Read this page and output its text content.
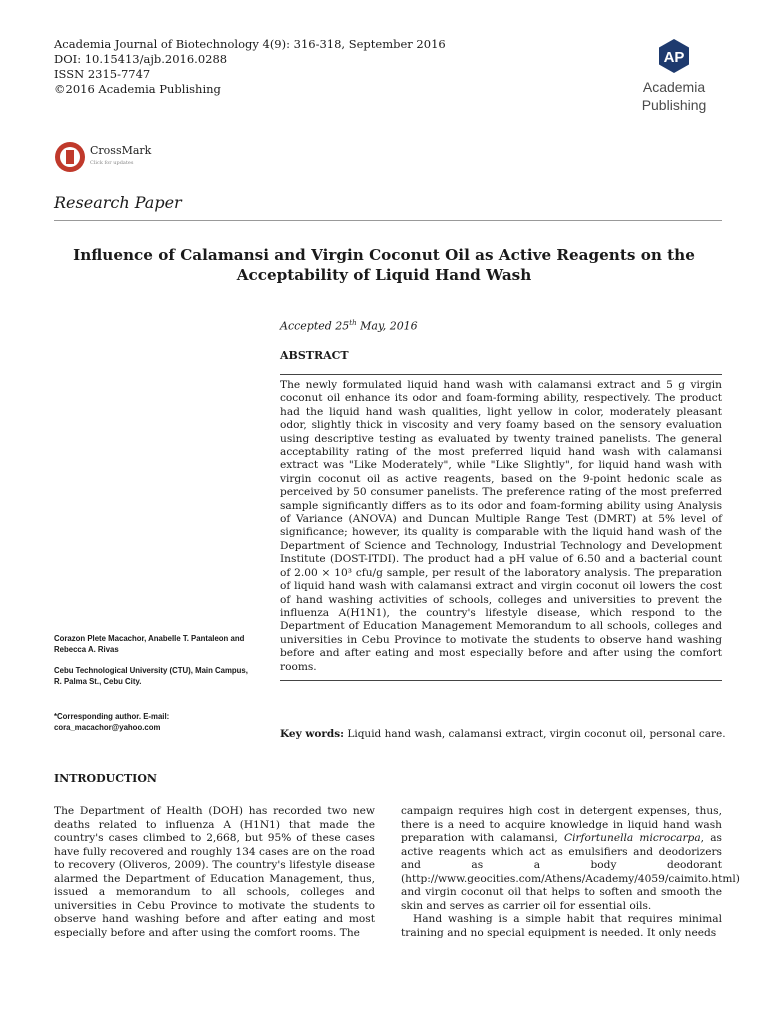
Academia Journal of Biotechnology 4(9): 316-318, September 2016
DOI: 10.15413/ajb.2016.0288
ISSN 2315-7747
©2016 Academia Publishing
AP
Academia
Publishing
CrossMark
Click for updates
Research Paper
Influence of Calamansi and Virgin Coconut Oil as Active Reagents on the Acceptability of Liquid Hand Wash
Accepted 25th May, 2016
ABSTRACT

The newly formulated liquid hand wash with calamansi extract and 5 g virgin coconut oil enhance its odor and foam-forming ability, respectively. The product had the liquid hand wash qualities, light yellow in color, moderately pleasant odor, slightly thick in viscosity and very foamy based on the sensory evaluation using descriptive testing as evaluated by twenty trained panelists. The general acceptability rating of the most preferred liquid hand wash with calamansi extract was "Like Moderately", while "Like Slightly", for liquid hand wash with virgin coconut oil as active reagents, based on the 9-point hedonic scale as perceived by 50 consumer panelists. The preference rating of the most preferred sample significantly differs as to its odor and foam-forming ability using Analysis of Variance (ANOVA) and Duncan Multiple Range Test (DMRT) at 5% level of significance; however, its quality is comparable with the liquid hand wash of the Department of Science and Technology, Industrial Technology and Development Institute (DOST-ITDI). The product had a pH value of 6.50 and a bacterial count of 2.00 × 10³ cfu/g sample, per result of the laboratory analysis. The preparation of liquid hand wash with calamansi extract and virgin coconut oil lowers the cost of hand washing activities of schools, colleges and universities to prevent the influenza A(H1N1), the country's lifestyle disease, which respond to the Department of Education Management Memorandum to all schools, colleges and universities in Cebu Province to motivate the students to observe hand washing before and after eating and most especially before and after using the comfort rooms.

Key words: Liquid hand wash, calamansi extract, virgin coconut oil, personal care.

Corazon Plete Macachor, Anabelle T. Pantaleon and Rebecca A. Rivas

Cebu Technological University (CTU), Main Campus, R. Palma St., Cebu City.

*Corresponding author. E-mail: cora_macachor@yahoo.com
INTRODUCTION

The Department of Health (DOH) has recorded two new deaths related to influenza A (H1N1) that made the country's cases climbed to 2,668, but 95% of these cases have fully recovered and roughly 134 cases are on the road to recovery (Oliveros, 2009). The country's lifestyle disease alarmed the Department of Education Management, thus, issued a memorandum to all schools, colleges and universities in Cebu Province to motivate the students to observe hand washing before and after eating and most especially before and after using the comfort rooms. The

campaign requires high cost in detergent expenses, thus, there is a need to acquire knowledge in liquid hand wash preparation with calamansi, Cirfortunella microcarpa, as active reagents which act as emulsifiers and deodorizers and as a body deodorant (http://www.geocities.com/Athens/Academy/4059/caimito.html) and virgin coconut oil that helps to soften and smooth the skin and serves as carrier oil for essential oils.

Hand washing is a simple habit that requires minimal training and no special equipment is needed. It only needs
